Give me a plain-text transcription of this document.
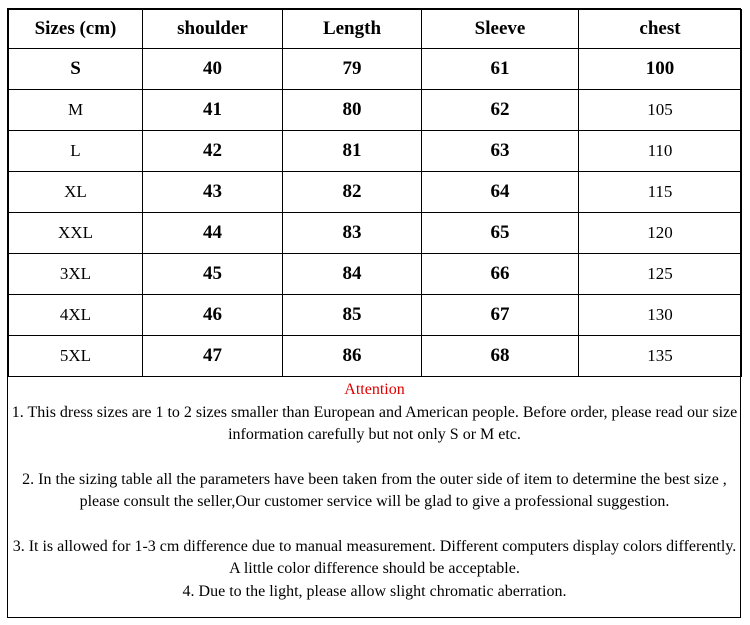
Sizes (cm)	shoulder	Length	Sleeve	chest
S	40	79	61	100
M	41	80	62	105
L	42	81	63	110
XL	43	82	64	115
XXL	44	83	65	120
3XL	45	84	66	125
4XL	46	85	67	130
5XL	47	86	68	135

Attention

1. This dress sizes are 1 to 2 sizes smaller than European and American people. Before order, please read our size information carefully but not only S or M etc.

2. In the sizing table all the parameters have been taken from the outer side of item to determine the best size , please consult the seller,Our customer service will be glad to give a professional suggestion.

3. It is allowed for 1-3 cm difference due to manual measurement. Different computers display colors differently. A little color difference should be acceptable.

4. Due to the light, please allow slight chromatic aberration.
